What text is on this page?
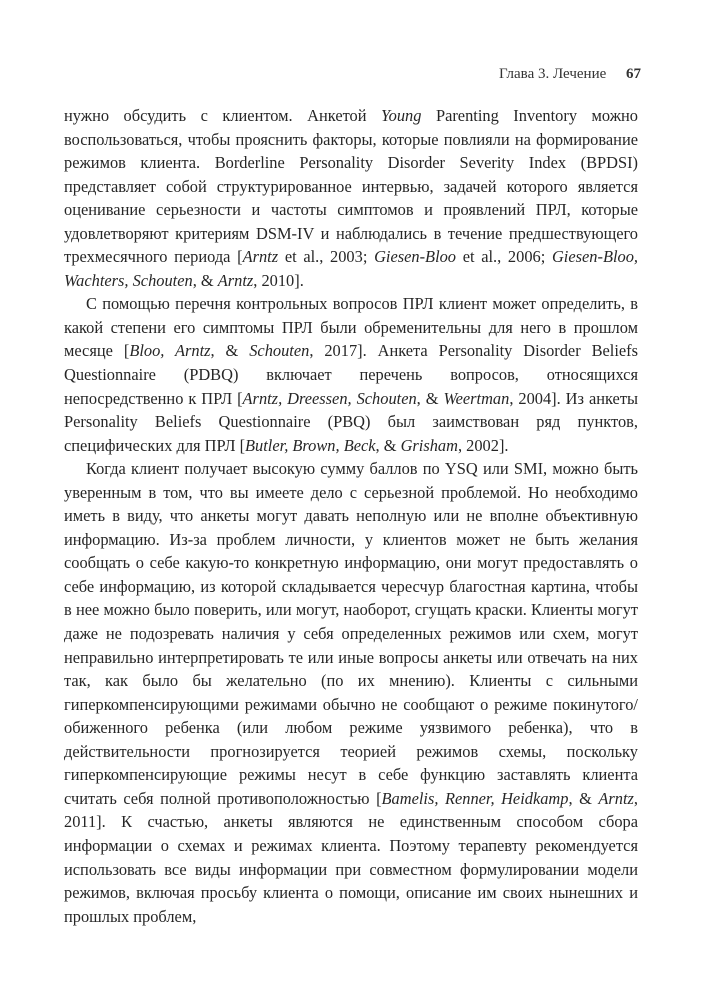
Глава 3. Лечение 67

нужно обсудить с клиентом. Анкетой Young Parenting Inventory можно воспользоваться, чтобы прояснить факторы, которые повлияли на формирование режимов клиента. Borderline Personality Disorder Severity Index (BPDSI) представляет собой структурированное интервью, задачей которого является оценивание серьезности и частоты симптомов и проявлений ПРЛ, которые удовлетворяют критериям DSM-IV и наблюдались в течение предшествующего трехмесячного периода [Arntz et al., 2003; Giesen-Bloo et al., 2006; Giesen-Bloo, Wachters, Schouten, & Arntz, 2010].

С помощью перечня контрольных вопросов ПРЛ клиент может определить, в какой степени его симптомы ПРЛ были обременительны для него в прошлом месяце [Bloo, Arntz, & Schouten, 2017]. Анкета Personality Disorder Beliefs Questionnaire (PDBQ) включает перечень вопросов, относящихся непосредственно к ПРЛ [Arntz, Dreessen, Schouten, & Weertman, 2004]. Из анкеты Personality Beliefs Questionnaire (PBQ) был заимствован ряд пунктов, специфических для ПРЛ [Butler, Brown, Beck, & Grisham, 2002].

Когда клиент получает высокую сумму баллов по YSQ или SMI, можно быть уверенным в том, что вы имеете дело с серьезной проблемой. Но необходимо иметь в виду, что анкеты могут давать неполную или не вполне объективную информацию. Из-за проблем личности, у клиентов может не быть желания сообщать о себе какую-то конкретную информацию, они могут предоставлять о себе информацию, из которой складывается чересчур благостная картина, чтобы в нее можно было поверить, или могут, наоборот, сгущать краски. Клиенты могут даже не подозревать наличия у себя определенных режимов или схем, могут неправильно интерпретировать те или иные вопросы анкеты или отвечать на них так, как было бы желательно (по их мнению). Клиенты с сильными гиперкомпенсирующими режимами обычно не сообщают о режиме покинутого/обиженного ребенка (или любом режиме уязвимого ребенка), что в действительности прогнозируется теорией режимов схемы, поскольку гиперкомпенсирующие режимы несут в себе функцию заставлять клиента считать себя полной противоположностью [Bamelis, Renner, Heidkamp, & Arntz, 2011]. К счастью, анкеты являются не единственным способом сбора информации о схемах и режимах клиента. Поэтому терапевту рекомендуется использовать все виды информации при совместном формулировании модели режимов, включая просьбу клиента о помощи, описание им своих нынешних и прошлых проблем,
